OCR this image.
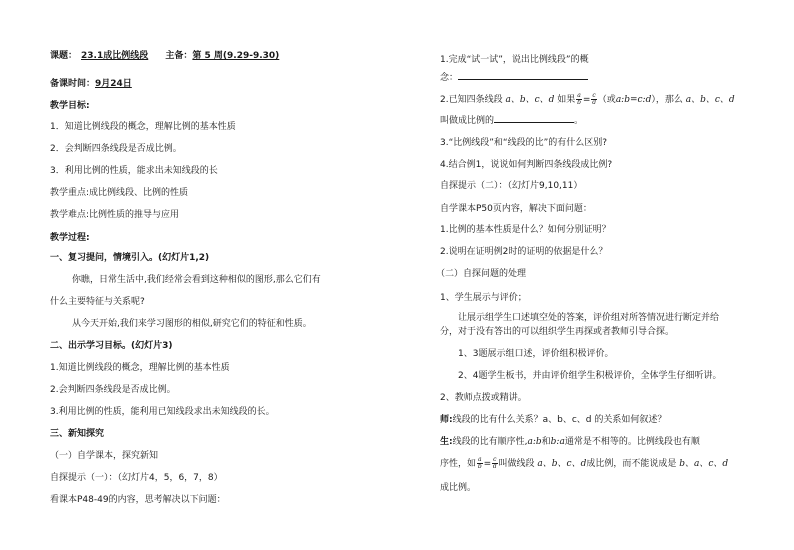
课题： 23.1成比例线段 主备：第 5 周(9.29-9.30)
备课时间：9月24日
教学目标:
1．知道比例线段的概念，理解比例的基本性质
2．会判断四条线段是否成比例。
3．利用比例的性质，能求出未知线段的长
教学重点:成比例线段、比例的性质
教学难点:比例性质的推导与应用
教学过程:
一、复习提问，情境引入。(幻灯片1,2)
你瞧，日常生活中,我们经常会看到这种相似的图形,那么它们有
什么主要特征与关系呢?
从今天开始,我们来学习图形的相似,研究它们的特征和性质。
二、出示学习目标。(幻灯片3)
1.知道比例线段的概念，理解比例的基本性质
2.会判断四条线段是否成比例。
3.利用比例的性质，能利用已知线段求出未知线段的长。
三、新知探究
（一）自学课本，探究新知
自探提示（一）：（幻灯片4，5，6，7，8）
看课本P48-49的内容，思考解决以下问题：
1.完成“试一试”，说出比例线段”的概
念：
2.已知四条线段 a、b、c、d 如果 $\frac{a}{b} = \frac{c}{d}$ （或a:b=c:d），那么 a、b、c、d
叫做成比例的	。
3.“比例线段”和“线段的比”的有什么区别?
4.结合例1，说说如何判断四条线段成比例?
自探提示（二）：（幻灯片9,10,11）
自学课本P50页内容，解决下面问题：
1.比例的基本性质是什么？如何分别证明？
2.说明在证明例2时的证明的依据是什么？
（二）自探问题的处理
1、学生展示与评价；
让展示组学生口述填空处的答案，评价组对所答情况进行断定并给
分，对于没有答出的可以组织学生再探或者教师引导合探。
1、3题展示组口述，评价组积极评价。
2、4题学生板书，并由评价组学生积极评价，全体学生仔细听讲。
2、教师点拨或精讲。
师:线段的比有什么关系？a、b、c、d 的关系如何叙述？
生:线段的比有顺序性,a:b和b:a通常是不相等的。比例线段也有顺
序性，如 $\frac{a}{b} = \frac{c}{d}$ 叫做线段 a、b、c、d成比例，而不能说成是 b、a、c、d
成比例。
